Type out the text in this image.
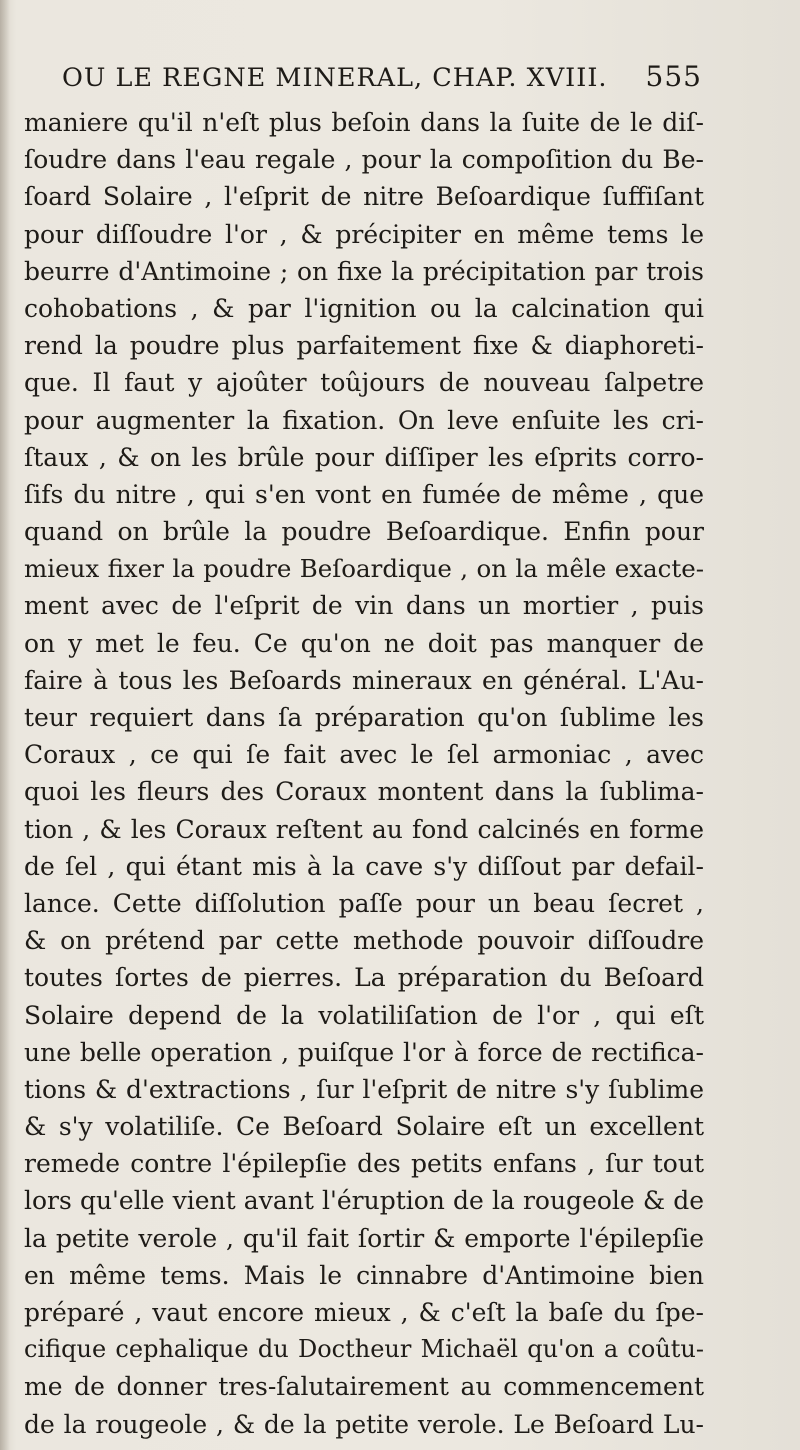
OU LE REGNE MINERAL, CHAP. XVIII. 555
maniere qu'il n'eſt plus beſoin dans la ſuite de le diſ-
ſoudre dans l'eau regale , pour la compoſition du Be-
ſoard Solaire , l'eſprit de nitre Beſoardique ſuffiſant
pour diſſoudre l'or , & précipiter en même tems le
beurre d'Antimoine ; on fixe la précipitation par trois
cohobations , & par l'ignition ou la calcination qui
rend la poudre plus parfaitement fixe & diaphoreti-
que. Il faut y ajoûter toûjours de nouveau ſalpetre
pour augmenter la fixation. On leve enſuite les cri-
ſtaux , & on les brûle pour diſſiper les eſprits corro-
ſifs du nitre , qui s'en vont en fumée de même , que
quand on brûle la poudre Beſoardique. Enfin pour
mieux fixer la poudre Beſoardique , on la mêle exacte-
ment avec de l'eſprit de vin dans un mortier , puis
on y met le feu. Ce qu'on ne doit pas manquer de
faire à tous les Beſoards mineraux en général. L'Au-
teur requiert dans ſa préparation qu'on ſublime les
Coraux , ce qui ſe fait avec le ſel armoniac , avec
quoi les fleurs des Coraux montent dans la ſublima-
tion , & les Coraux reſtent au fond calcinés en forme
de ſel , qui étant mis à la cave s'y diſſout par defail-
lance. Cette diſſolution paſſe pour un beau ſecret ,
& on prétend par cette methode pouvoir diſſoudre
toutes ſortes de pierres. La préparation du Beſoard
Solaire depend de la volatiliſation de l'or , qui eſt
une belle operation , puiſque l'or à force de rectifica-
tions & d'extractions , ſur l'eſprit de nitre s'y ſublime
& s'y volatiliſe. Ce Beſoard Solaire eſt un excellent
remede contre l'épilepſie des petits enfans , ſur tout
lors qu'elle vient avant l'éruption de la rougeole & de
la petite verole , qu'il fait ſortir & emporte l'épilepſie
en même tems. Mais le cinnabre d'Antimoine bien
préparé , vaut encore mieux , & c'eſt la baſe du ſpe-
cifique cephalique du Doctheur Michaël qu'on a coûtu-
me de donner tres-ſalutairement au commencement
de la rougeole , & de la petite verole. Le Beſoard Lu-
